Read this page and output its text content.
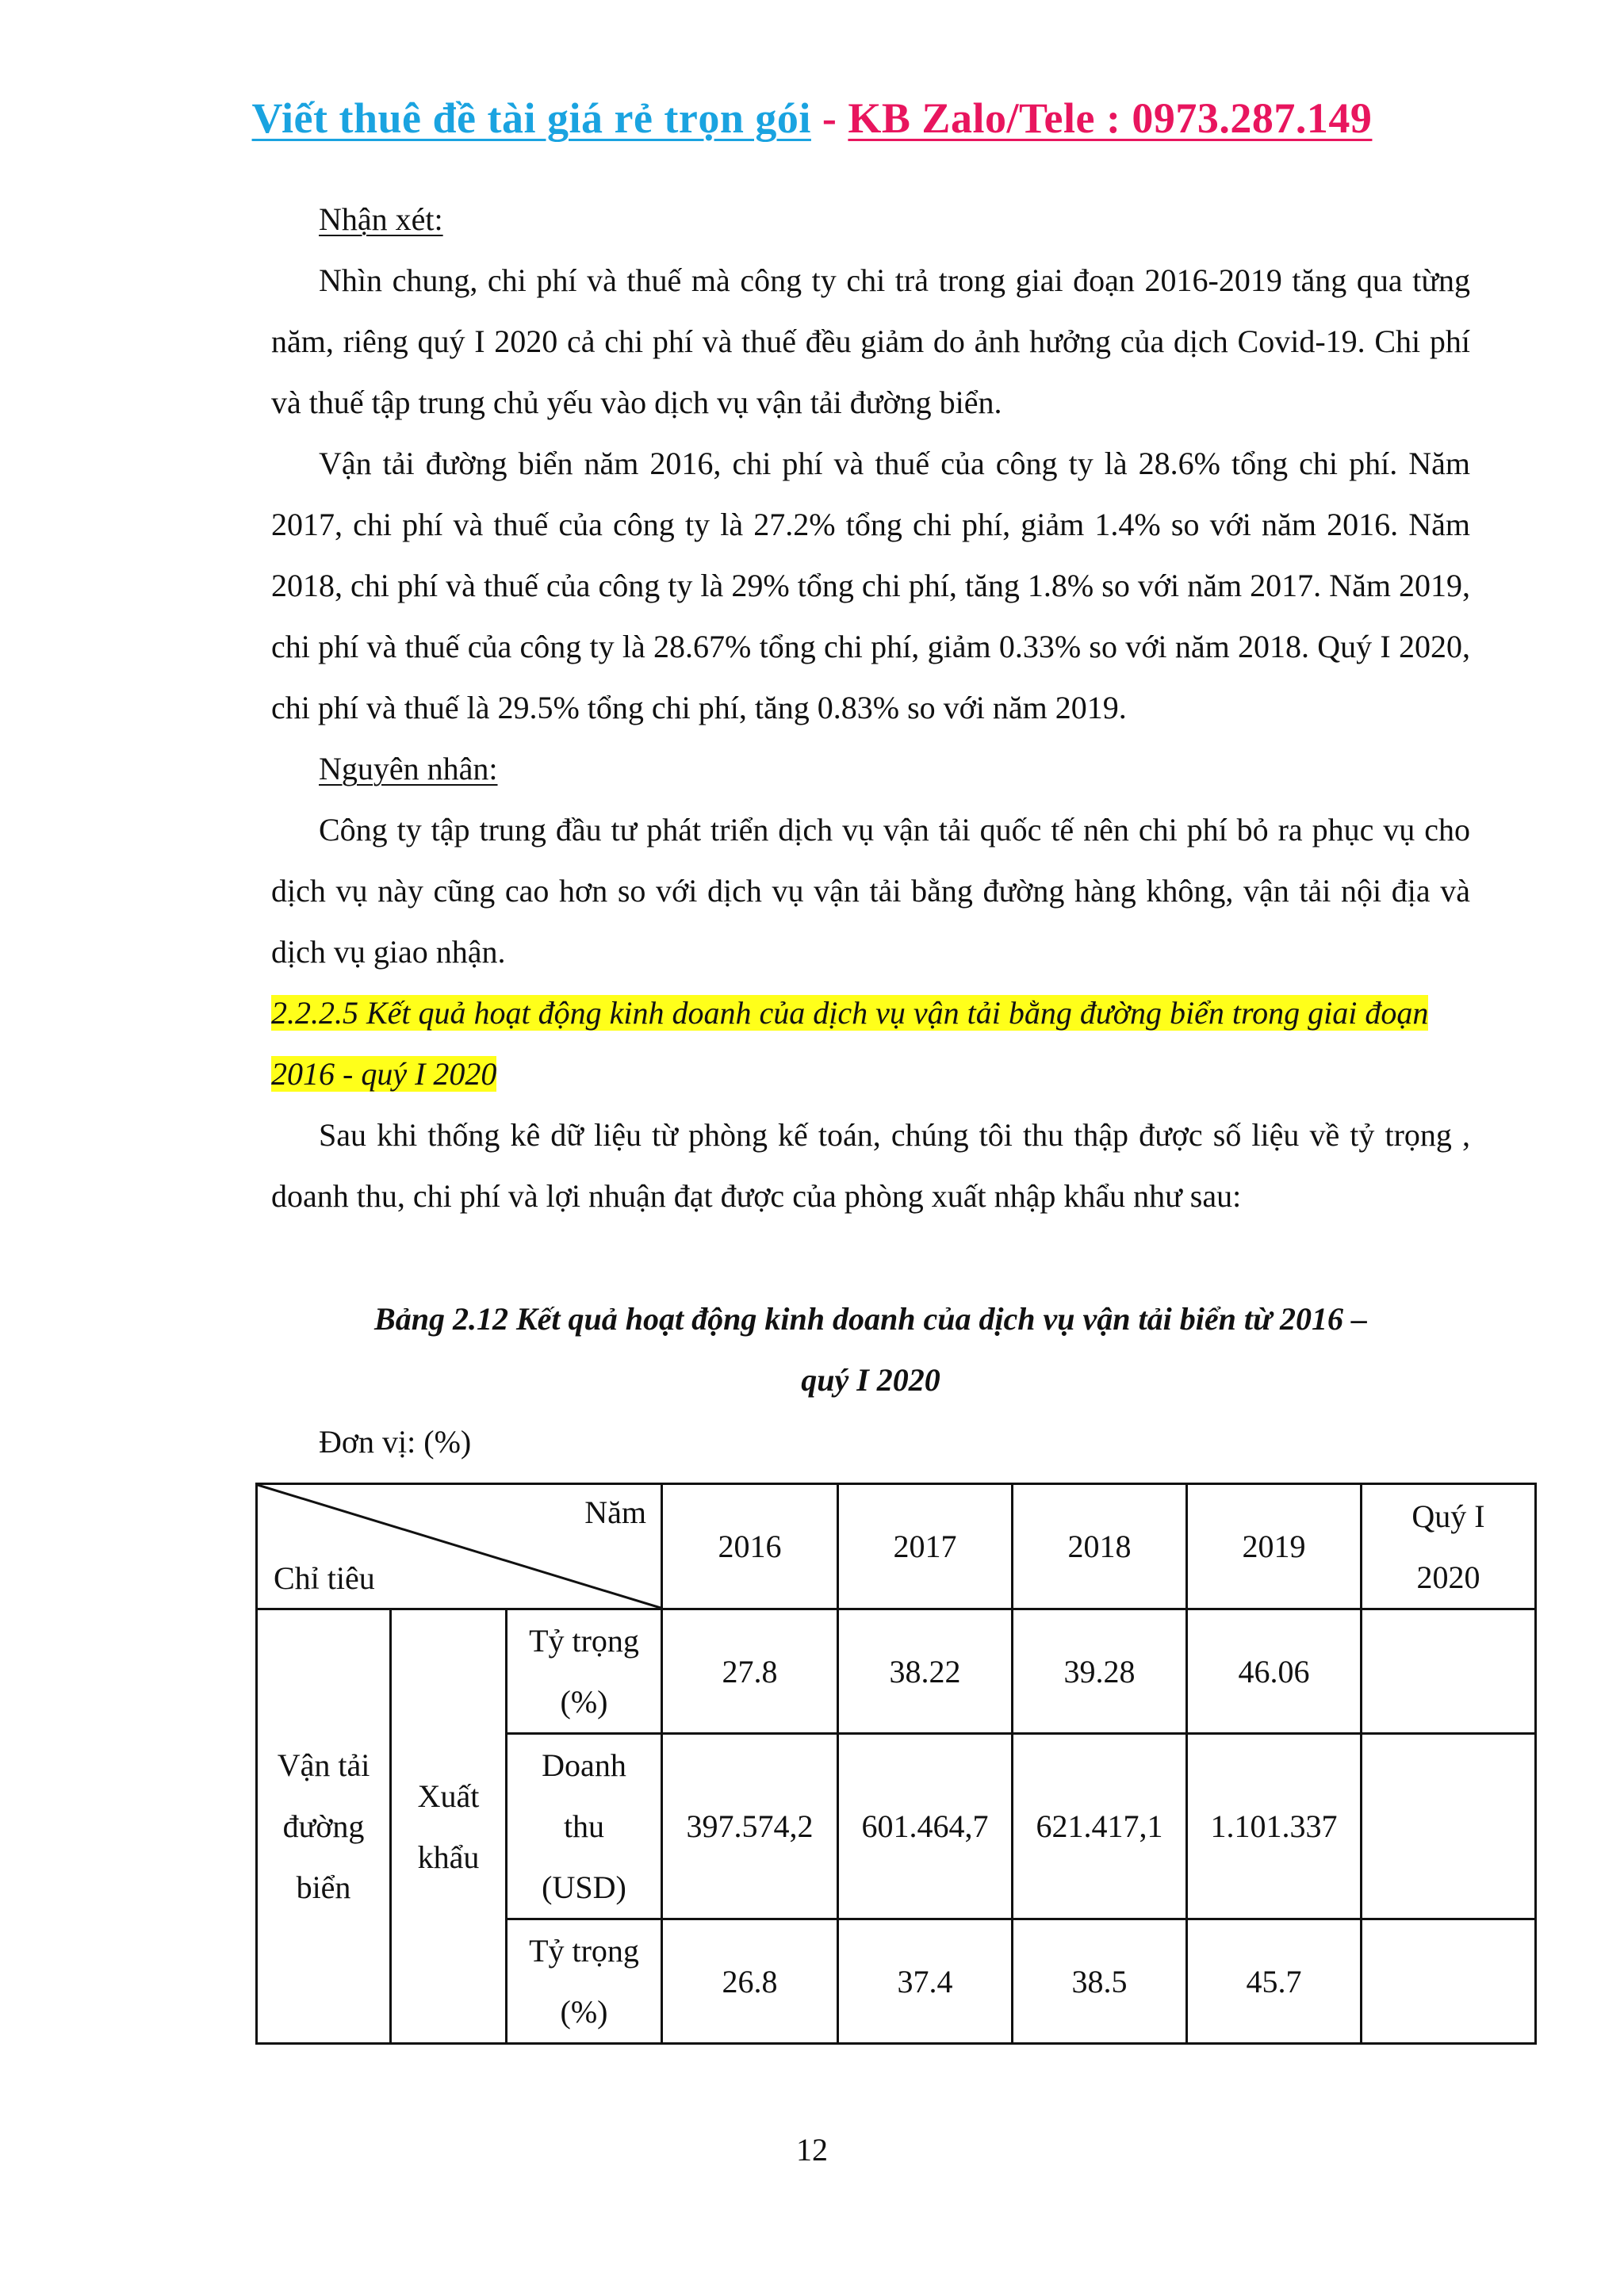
Viết thuê đề tài giá rẻ trọn gói - KB Zalo/Tele : 0973.287.149

Nhận xét:

Nhìn chung, chi phí và thuế mà công ty chi trả trong giai đoạn 2016-2019 tăng qua từng năm, riêng quý I 2020 cả chi phí và thuế đều giảm do ảnh hưởng của dịch Covid-19. Chi phí và thuế tập trung chủ yếu vào dịch vụ vận tải đường biển.

Vận tải đường biển năm 2016, chi phí và thuế của công ty là 28.6% tổng chi phí. Năm 2017, chi phí và thuế của công ty là 27.2% tổng chi phí, giảm 1.4% so với năm 2016. Năm 2018, chi phí và thuế của công ty là 29% tổng chi phí, tăng 1.8% so với năm 2017. Năm 2019, chi phí và thuế của công ty là 28.67% tổng chi phí, giảm 0.33% so với năm 2018. Quý I 2020, chi phí và thuế là 29.5% tổng chi phí, tăng 0.83% so với năm 2019.

Nguyên nhân:

Công ty tập trung đầu tư phát triển dịch vụ vận tải quốc tế nên chi phí bỏ ra phục vụ cho dịch vụ này cũng cao hơn so với dịch vụ vận tải bằng đường hàng không, vận tải nội địa và dịch vụ giao nhận.

2.2.2.5 Kết quả hoạt động kinh doanh của dịch vụ vận tải bằng đường biển trong giai đoạn 2016 - quý I 2020

Sau khi thống kê dữ liệu từ phòng kế toán, chúng tôi thu thập được số liệu về tỷ trọng , doanh thu, chi phí và lợi nhuận đạt được của phòng xuất nhập khẩu như sau:

Bảng 2.12 Kết quả hoạt động kinh doanh của dịch vụ vận tải biển từ 2016 –
quý I 2020
Đơn vị: (%)
Năm
Chỉ tiêu			2016	2017	2018	2019	Quý I 2020
Vận tải đường biển	Xuất khẩu	Tỷ trọng (%)	27.8	38.22	39.28	46.06	
		Doanh thu (USD)	397.574,2	601.464,7	621.417,1	1.101.337	
		Tỷ trọng (%)	26.8	37.4	38.5	45.7	
12
